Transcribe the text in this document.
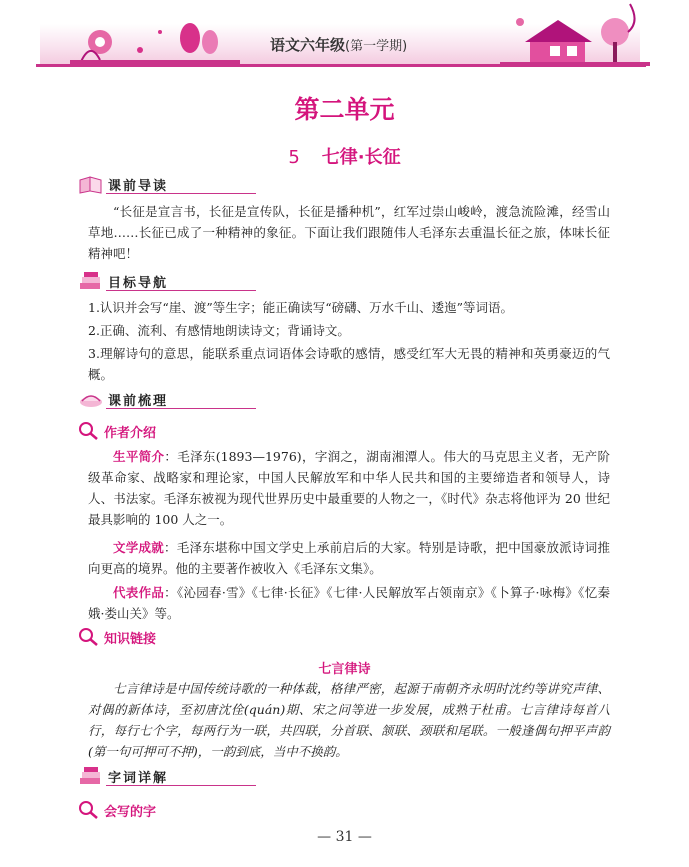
语文六年级(第一学期)
第二单元
5 七律·长征
课前导读
“长征是宣言书，长征是宣传队，长征是播种机”，红军过崇山峻岭，渡急流险滩，经雪山草地……长征已成了一种精神的象征。下面让我们跟随伟人毛泽东去重温长征之旅，体味长征精神吧！
目标导航
1.认识并会写“崖、渡”等生字；能正确读写“磅礴、万水千山、逶迤”等词语。
2.正确、流利、有感情地朗读诗文；背诵诗文。
3.理解诗句的意思，能联系重点词语体会诗歌的感情，感受红军大无畏的精神和英勇豪迈的气概。
课前梳理
作者介绍
生平简介：毛泽东(1893—1976)，字润之，湖南湘潭人。伟大的马克思主义者，无产阶级革命家、战略家和理论家，中国人民解放军和中华人民共和国的主要缔造者和领导人，诗人、书法家。毛泽东被视为现代世界历史中最重要的人物之一，《时代》杂志将他评为 20 世纪最具影响的 100 人之一。
文学成就：毛泽东堪称中国文学史上承前启后的大家。特别是诗歌，把中国豪放派诗词推向更高的境界。他的主要著作被收入《毛泽东文集》。
代表作品：《沁园春·雪》《七律·长征》《七律·人民解放军占领南京》《卜算子·咏梅》《忆秦娥·娄山关》等。
知识链接
七言律诗
七言律诗是中国传统诗歌的一种体裁，格律严密，起源于南朝齐永明时沈约等讲究声律、对偶的新体诗，至初唐沈佺(quán)期、宋之问等进一步发展，成熟于杜甫。七言律诗每首八行，每行七个字，每两行为一联，共四联，分首联、颔联、颈联和尾联。一般逢偶句押平声韵(第一句可押可不押)，一韵到底，当中不换韵。
字词详解
会写的字
— 31 —
